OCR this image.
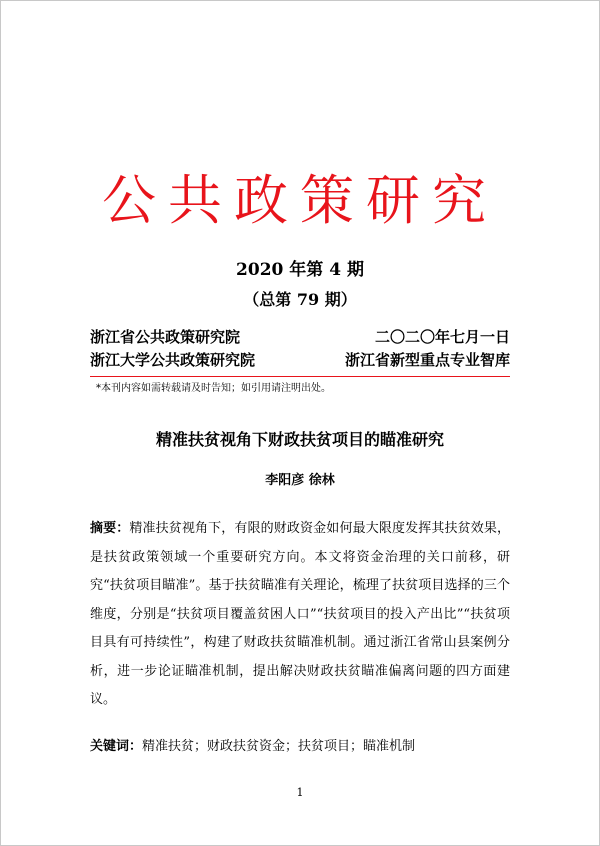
公共政策研究
2020 年第 4 期
（总第 79 期）
浙江省公共政策研究院	二〇二〇年七月一日
浙江大学公共政策研究院	浙江省新型重点专业智库
*本刊内容如需转载请及时告知；如引用请注明出处。
精准扶贫视角下财政扶贫项目的瞄准研究
李阳彦 徐林
摘要：精准扶贫视角下，有限的财政资金如何最大限度发挥其扶贫效果，是扶贫政策领域一个重要研究方向。本文将资金治理的关口前移，研究“扶贫项目瞄准”。基于扶贫瞄准有关理论，梳理了扶贫项目选择的三个维度，分别是“扶贫项目覆盖贫困人口”“扶贫项目的投入产出比”“扶贫项目具有可持续性”，构建了财政扶贫瞄准机制。通过浙江省常山县案例分析，进一步论证瞄准机制，提出解决财政扶贫瞄准偏离问题的四方面建议。
关键词：精准扶贫；财政扶贫资金；扶贫项目；瞄准机制
1
